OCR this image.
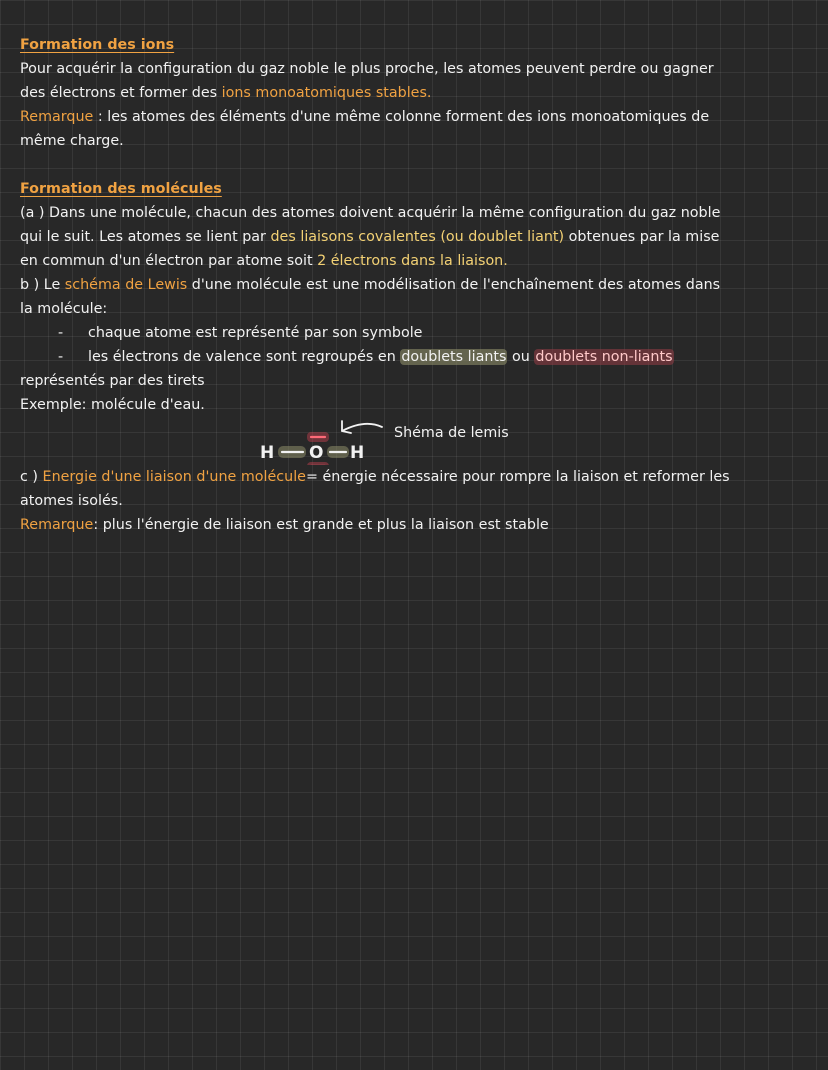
Formation des ions
Pour acquérir la configuration du gaz noble le plus proche, les atomes peuvent perdre ou gagner
des électrons et former des ions monoatomiques stables.
Remarque : les atomes des éléments d'une même colonne forment des ions monoatomiques de
même charge.
Formation des molécules
(a ) Dans une molécule, chacun des atomes doivent acquérir la même configuration du gaz noble
qui le suit. Les atomes se lient par des liaisons covalentes (ou doublet liant) obtenues par la mise
en commun d'un électron par atome soit 2 électrons dans la liaison.
b ) Le schéma de Lewis d'une molécule est une modélisation de l'enchaînement des atomes dans
la molécule:
- chaque atome est représenté par son symbole
- les électrons de valence sont regroupés en doublets liants ou doublets non-liants
représentés par des tirets
Exemple: molécule d'eau.
H O H
Shéma de lemis
c ) Energie d'une liaison d'une molécule= énergie nécessaire pour rompre la liaison et reformer les
atomes isolés.
Remarque: plus l'énergie de liaison est grande et plus la liaison est stable
